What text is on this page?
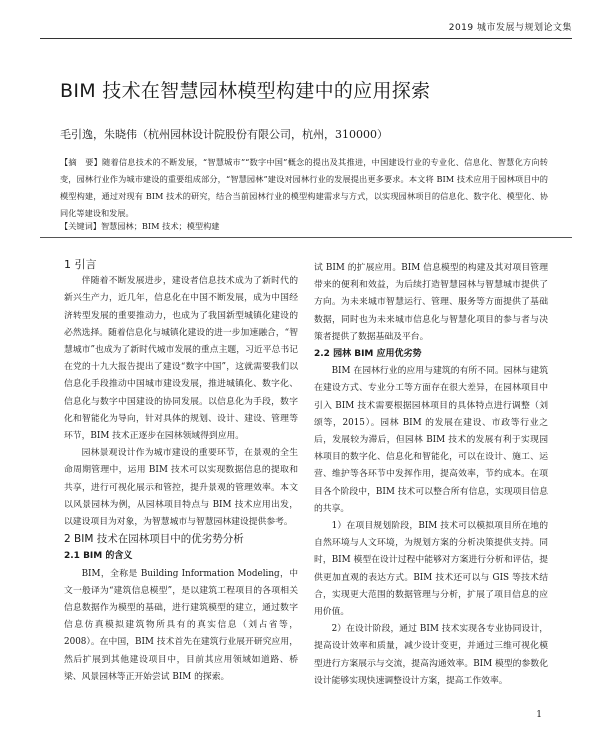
2019 城市发展与规划论文集
BIM 技术在智慧园林模型构建中的应用探索
毛引逸，朱晓伟（杭州园林设计院股份有限公司，杭州，310000）

【摘　要】随着信息技术的不断发展，“智慧城市”“数字中国”概念的提出及其推进，中国建设行业的专业化、信息化、智慧化方向转变，园林行业作为城市建设的重要组成部分，“智慧园林”建设对园林行业的发展提出更多要求。本文将 BIM 技术应用于园林项目中的模型构建，通过对现有 BIM 技术的研究，结合当前园林行业的模型构建需求与方式，以实现园林项目的信息化、数字化、模型化、协同化等建设和发展。

【关键词】智慧园林；BIM 技术；模型构建

1 引言

伴随着不断发展进步，建设者信息技术成为了新时代的新兴生产力，近几年，信息化在中国不断发展，成为中国经济转型发展的重要推动力，也成为了我国新型城镇化建设的必然选择。随着信息化与城镇化建设的进一步加速融合，“智慧城市”也成为了新时代城市发展的重点主题，习近平总书记在党的十九大报告提出了建设“数字中国”，这就需要我们以信息化手段推动中国城市建设发展，推进城镇化、数字化、信息化与数字中国建设的协同发展。以信息化为手段，数字化和智能化为导向，针对具体的规划、设计、建设、管理等环节，BIM 技术正逐步在园林领域得到应用。

园林景观设计作为城市建设的重要环节，在景观的全生命周期管理中，运用 BIM 技术可以实现数据信息的提取和共享，进行可视化展示和管控，提升景观的管理效率。本文以风景园林为例，从园林项目特点与 BIM 技术应用出发，以建设项目为对象，为智慧城市与智慧园林建设提供参考。

2 BIM 技术在园林项目中的优劣势分析

2.1 BIM 的含义

BIM，全称是 Building Information Modeling，中文一般译为“建筑信息模型”，是以建筑工程项目的各项相关信息数据作为模型的基础，进行建筑模型的建立，通过数字信息仿真模拟建筑物所具有的真实信息（刘占省等，2008）。在中国，BIM 技术首先在建筑行业展开研究应用，然后扩展到其他建设项目中，目前其应用领域如道路、桥梁、风景园林等正开始尝试 BIM 的探索。

试 BIM 的扩展应用。BIM 信息模型的构建及其对项目管理带来的便利和效益，为后续打造智慧园林与智慧城市提供了方向。为未来城市智慧运行、管理、服务等方面提供了基础数据，同时也为未来城市信息化与智慧化项目的参与者与决策者提供了数据基础及平台。

2.2 园林 BIM 应用优劣势

BIM 在园林行业的应用与建筑的有所不同。园林与建筑在建设方式、专业分工等方面存在很大差异，在园林项目中引入 BIM 技术需要根据园林项目的具体特点进行调整（刘颂等，2015）。园林 BIM 的发展在建设、市政等行业之后，发展较为滞后，但园林 BIM 技术的发展有利于实现园林项目的数字化、信息化和智能化，可以在设计、施工、运营、维护等各环节中发挥作用，提高效率，节约成本。在项目各个阶段中，BIM 技术可以整合所有信息，实现项目信息的共享。

1）在项目规划阶段，BIM 技术可以模拟项目所在地的自然环境与人文环境，为规划方案的分析决策提供支持。同时，BIM 模型在设计过程中能够对方案进行分析和评估，提供更加直观的表达方式。BIM 技术还可以与 GIS 等技术结合，实现更大范围的数据管理与分析，扩展了项目信息的应用价值。

2）在设计阶段，通过 BIM 技术实现各专业协同设计，提高设计效率和质量，减少设计变更，并通过三维可视化模型进行方案展示与交流，提高沟通效率。BIM 模型的参数化设计能够实现快速调整设计方案，提高工作效率。

1
